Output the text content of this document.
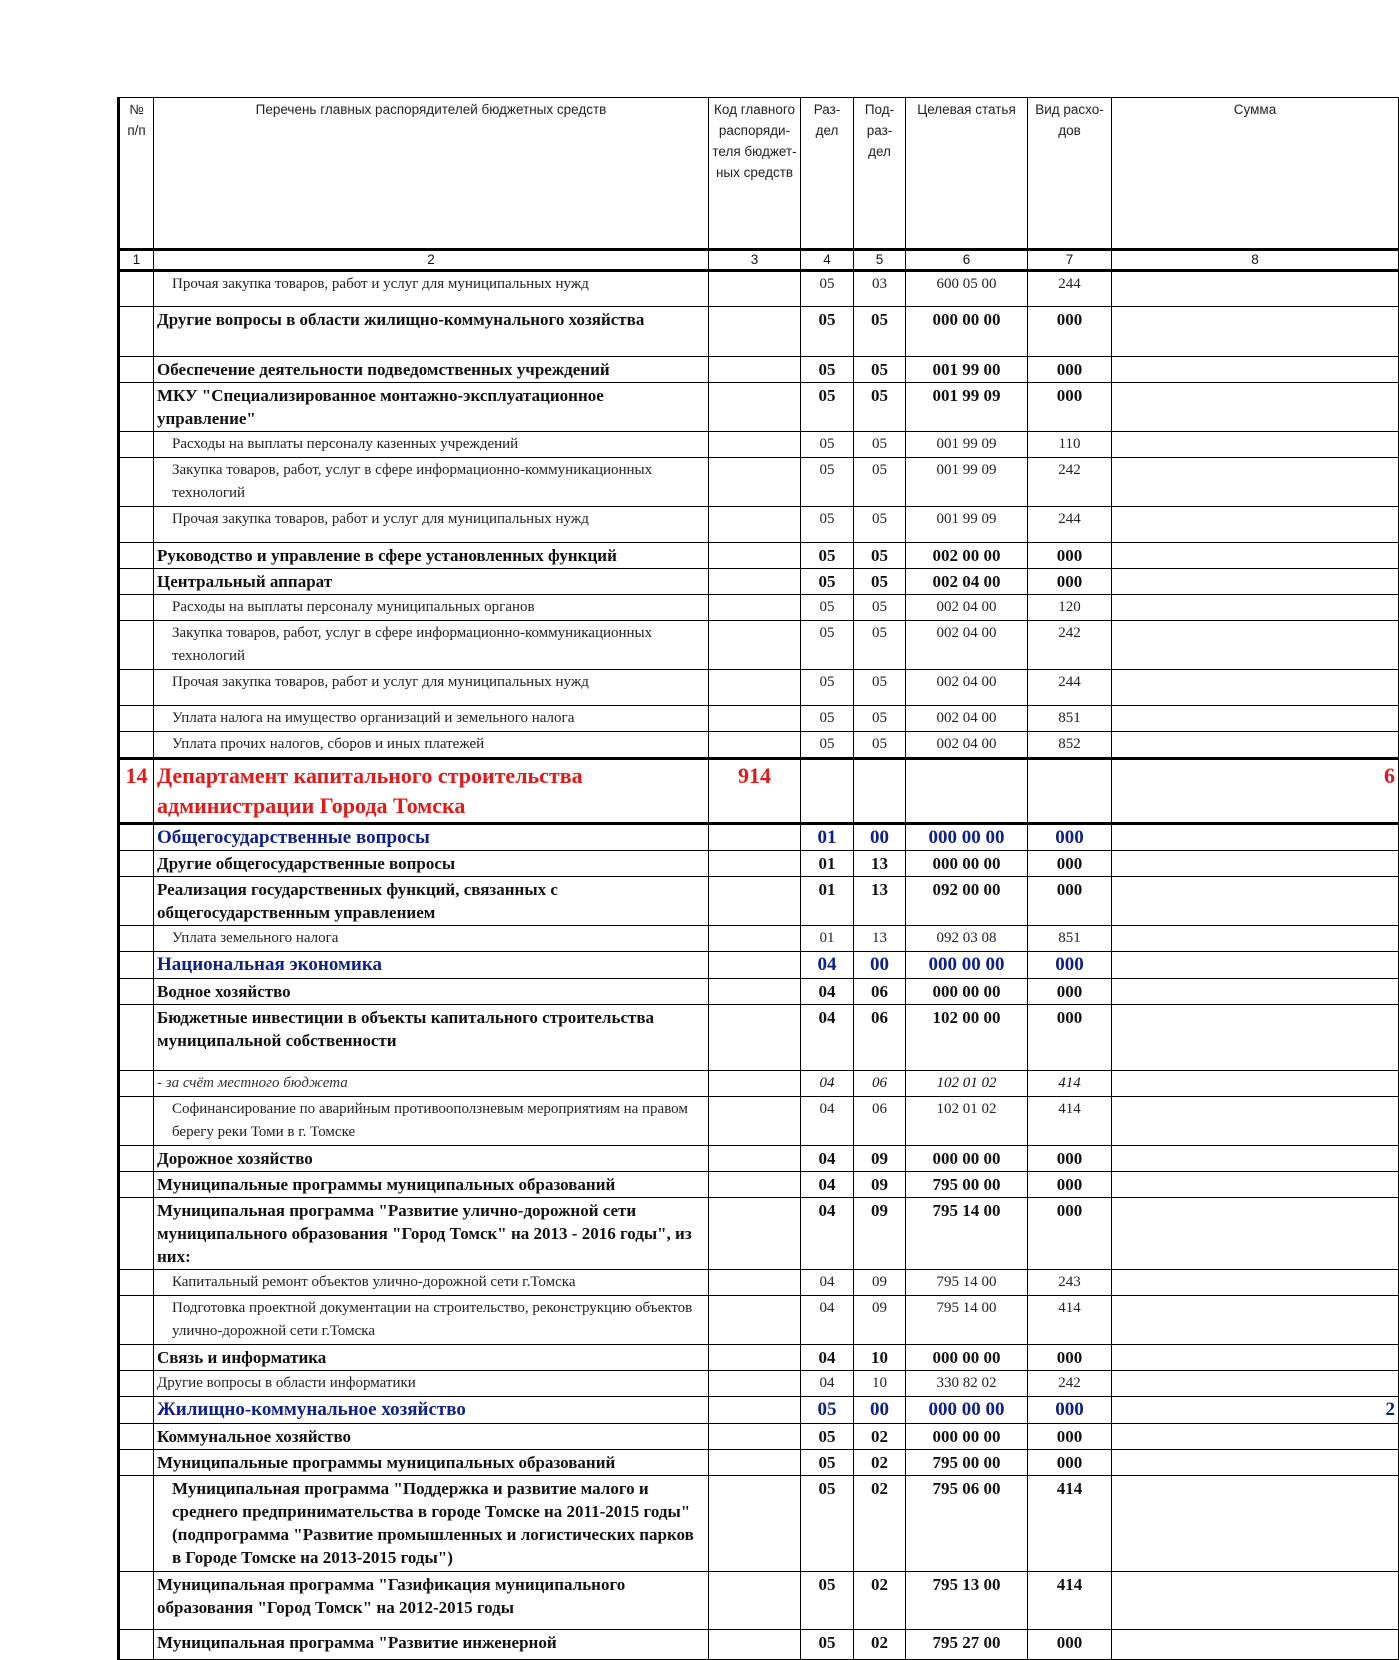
№ п/п	Перечень главных распорядителей бюджетных средств	Код главного распоряди-теля бюджет-ных средств	Раз-дел	Под-раз-дел	Целевая статья	Вид расхо-дов	Сумма
1	2	3	4	5	6	7	8
	Прочая закупка товаров, работ и услуг для муниципальных нужд		05	03	600 05 00	244	
	Другие вопросы в области жилищно-коммунального хозяйства		05	05	000 00 00	000	
	Обеспечение деятельности подведомственных учреждений		05	05	001 99 00	000	
	МКУ "Специализированное монтажно-эксплуатационное управление"		05	05	001 99 09	000	
	Расходы на выплаты персоналу казенных учреждений		05	05	001 99 09	110	
	Закупка товаров, работ, услуг в сфере информационно-коммуникационных технологий		05	05	001 99 09	242	
	Прочая закупка товаров, работ и услуг для муниципальных нужд		05	05	001 99 09	244	
	Руководство и управление в сфере установленных функций		05	05	002 00 00	000	
	Центральный аппарат		05	05	002 04 00	000	
	Расходы на выплаты персоналу муниципальных органов		05	05	002 04 00	120	
	Закупка товаров, работ, услуг в сфере информационно-коммуникационных технологий		05	05	002 04 00	242	
	Прочая закупка товаров, работ и услуг для муниципальных нужд		05	05	002 04 00	244	
	Уплата налога на имущество организаций и земельного налога		05	05	002 04 00	851	
	Уплата прочих налогов, сборов и иных платежей		05	05	002 04 00	852	
14	Департамент капитального строительства администрации Города Томска	914					6
	Общегосударственные вопросы		01	00	000 00 00	000	
	Другие общегосударственные вопросы		01	13	000 00 00	000	
	Реализация государственных функций, связанных с общегосударственным управлением		01	13	092 00 00	000	
	Уплата земельного налога		01	13	092 03 08	851	
	Национальная экономика		04	00	000 00 00	000	
	Водное хозяйство		04	06	000 00 00	000	
	Бюджетные инвестиции в объекты капитального строительства муниципальной собственности		04	06	102 00 00	000	
	- за счёт местного бюджета		04	06	102 01 02	414	
	Софинансирование по аварийным противооползневым мероприятиям на правом берегу реки Томи в г. Томске		04	06	102 01 02	414	
	Дорожное хозяйство		04	09	000 00 00	000	
	Муниципальные программы муниципальных образований		04	09	795 00 00	000	
	Муниципальная программа "Развитие улично-дорожной сети муниципального образования "Город Томск" на 2013 - 2016 годы", из них:		04	09	795 14 00	000	
	Капитальный ремонт объектов улично-дорожной сети г.Томска		04	09	795 14 00	243	
	Подготовка проектной документации на строительство, реконструкцию объектов улично-дорожной сети г.Томска		04	09	795 14 00	414	
	Связь и информатика		04	10	000 00 00	000	
	Другие вопросы в области информатики		04	10	330 82 02	242	
	Жилищно-коммунальное хозяйство		05	00	000 00 00	000	2
	Коммунальное хозяйство		05	02	000 00 00	000	
	Муниципальные программы муниципальных образований		05	02	795 00 00	000	
	Муниципальная программа "Поддержка и развитие малого и среднего предпринимательства в городе Томске на 2011-2015 годы" (подпрограмма "Развитие промышленных и логистических парков в Городе Томске на 2013-2015 годы")		05	02	795 06 00	414	
	Муниципальная программа "Газификация муниципального образования "Город Томск" на 2012-2015 годы		05	02	795 13 00	414	
	Муниципальная программа "Развитие инженерной		05	02	795 27 00	000	
